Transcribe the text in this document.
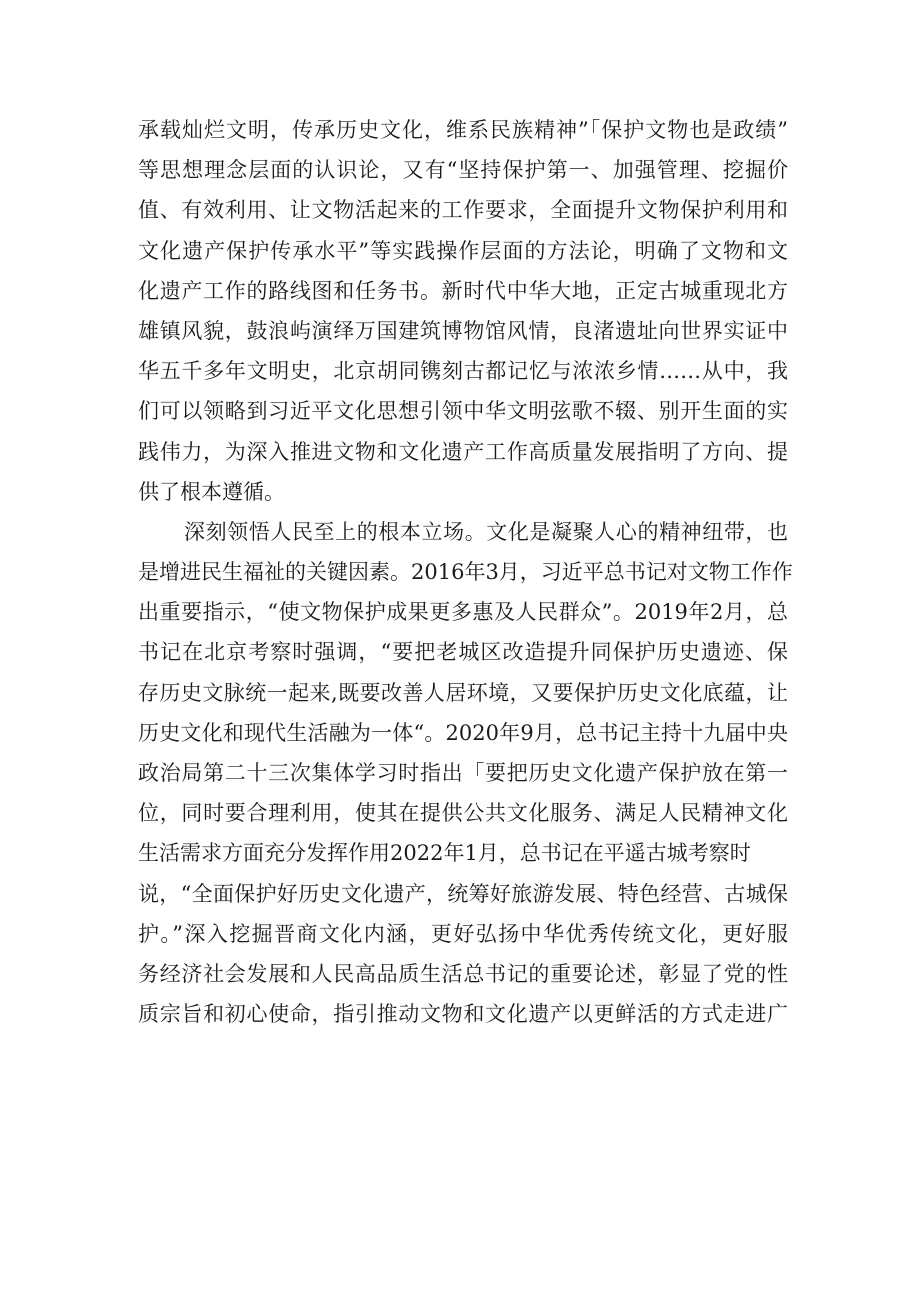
承载灿烂文明，传承历史文化，维系民族精神”「保护文物也是政绩”
等思想理念层面的认识论，又有“坚持保护第一、加强管理、挖掘价
值、有效利用、让文物活起来的工作要求，全面提升文物保护利用和
文化遗产保护传承水平”等实践操作层面的方法论，明确了文物和文
化遗产工作的路线图和任务书。新时代中华大地，正定古城重现北方
雄镇风貌，鼓浪屿演绎万国建筑博物馆风情，良渚遗址向世界实证中
华五千多年文明史，北京胡同镌刻古都记忆与浓浓乡情……从中，我
们可以领略到习近平文化思想引领中华文明弦歌不辍、别开生面的实
践伟力，为深入推进文物和文化遗产工作高质量发展指明了方向、提
供了根本遵循。
深刻领悟人民至上的根本立场。文化是凝聚人心的精神纽带，也
是增进民生福祉的关键因素。2016年3月，习近平总书记对文物工作作
出重要指示，“使文物保护成果更多惠及人民群众”。2019年2月，总
书记在北京考察时强调，“要把老城区改造提升同保护历史遗迹、保
存历史文脉统一起来,既要改善人居环境，又要保护历史文化底蕴，让
历史文化和现代生活融为一体“。2020年9月，总书记主持十九届中央
政治局第二十三次集体学习时指出「要把历史文化遗产保护放在第一
位，同时要合理利用，使其在提供公共文化服务、满足人民精神文化
生活需求方面充分发挥作用2022年1月，总书记在平遥古城考察时
说，“全面保护好历史文化遗产，统筹好旅游发展、特色经营、古城保
护。”深入挖掘晋商文化内涵，更好弘扬中华优秀传统文化，更好服
务经济社会发展和人民高品质生活总书记的重要论述，彰显了党的性
质宗旨和初心使命，指引推动文物和文化遗产以更鲜活的方式走进广
